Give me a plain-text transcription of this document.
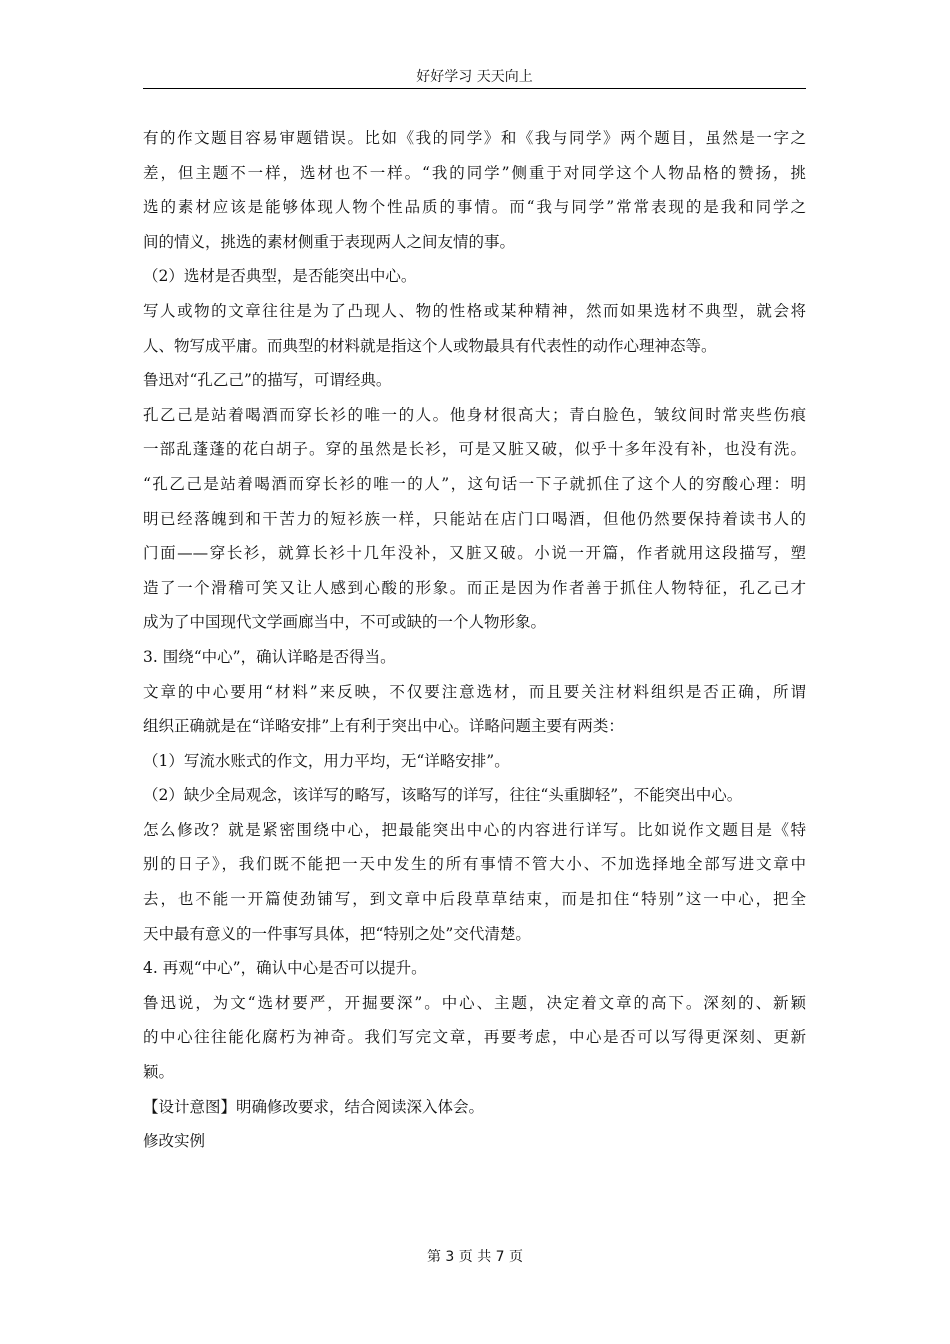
好好学习 天天向上
有的作文题目容易审题错误。比如《我的同学》和《我与同学》两个题目，虽然是一字之
差，但主题不一样，选材也不一样。“我的同学”侧重于对同学这个人物品格的赞扬，挑
选的素材应该是能够体现人物个性品质的事情。而“我与同学”常常表现的是我和同学之
间的情义，挑选的素材侧重于表现两人之间友情的事。
（2）选材是否典型，是否能突出中心。
写人或物的文章往往是为了凸现人、物的性格或某种精神，然而如果选材不典型，就会将
人、物写成平庸。而典型的材料就是指这个人或物最具有代表性的动作心理神态等。
鲁迅对“孔乙己”的描写，可谓经典。
孔乙己是站着喝酒而穿长衫的唯一的人。他身材很高大；青白脸色，皱纹间时常夹些伤痕
一部乱蓬蓬的花白胡子。穿的虽然是长衫，可是又脏又破，似乎十多年没有补，也没有洗。
“孔乙己是站着喝酒而穿长衫的唯一的人”，这句话一下子就抓住了这个人的穷酸心理：明
明已经落魄到和干苦力的短衫族一样，只能站在店门口喝酒，但他仍然要保持着读书人的
门面——穿长衫，就算长衫十几年没补，又脏又破。小说一开篇，作者就用这段描写，塑
造了一个滑稽可笑又让人感到心酸的形象。而正是因为作者善于抓住人物特征，孔乙己才
成为了中国现代文学画廊当中，不可或缺的一个人物形象。
3. 围绕“中心”，确认详略是否得当。
文章的中心要用“材料”来反映，不仅要注意选材，而且要关注材料组织是否正确，所谓
组织正确就是在“详略安排”上有利于突出中心。详略问题主要有两类：
（1）写流水账式的作文，用力平均，无“详略安排”。
（2）缺少全局观念，该详写的略写，该略写的详写，往往“头重脚轻”，不能突出中心。
怎么修改？就是紧密围绕中心，把最能突出中心的内容进行详写。比如说作文题目是《特
别的日子》，我们既不能把一天中发生的所有事情不管大小、不加选择地全部写进文章中
去，也不能一开篇使劲铺写，到文章中后段草草结束，而是扣住“特别”这一中心，把全
天中最有意义的一件事写具体，把“特别之处”交代清楚。
4. 再观“中心”，确认中心是否可以提升。
鲁迅说，为文“选材要严，开掘要深”。中心、主题，决定着文章的高下。深刻的、新颖
的中心往往能化腐朽为神奇。我们写完文章，再要考虑，中心是否可以写得更深刻、更新
颖。
【设计意图】明确修改要求，结合阅读深入体会。
修改实例
第 3 页 共 7 页
